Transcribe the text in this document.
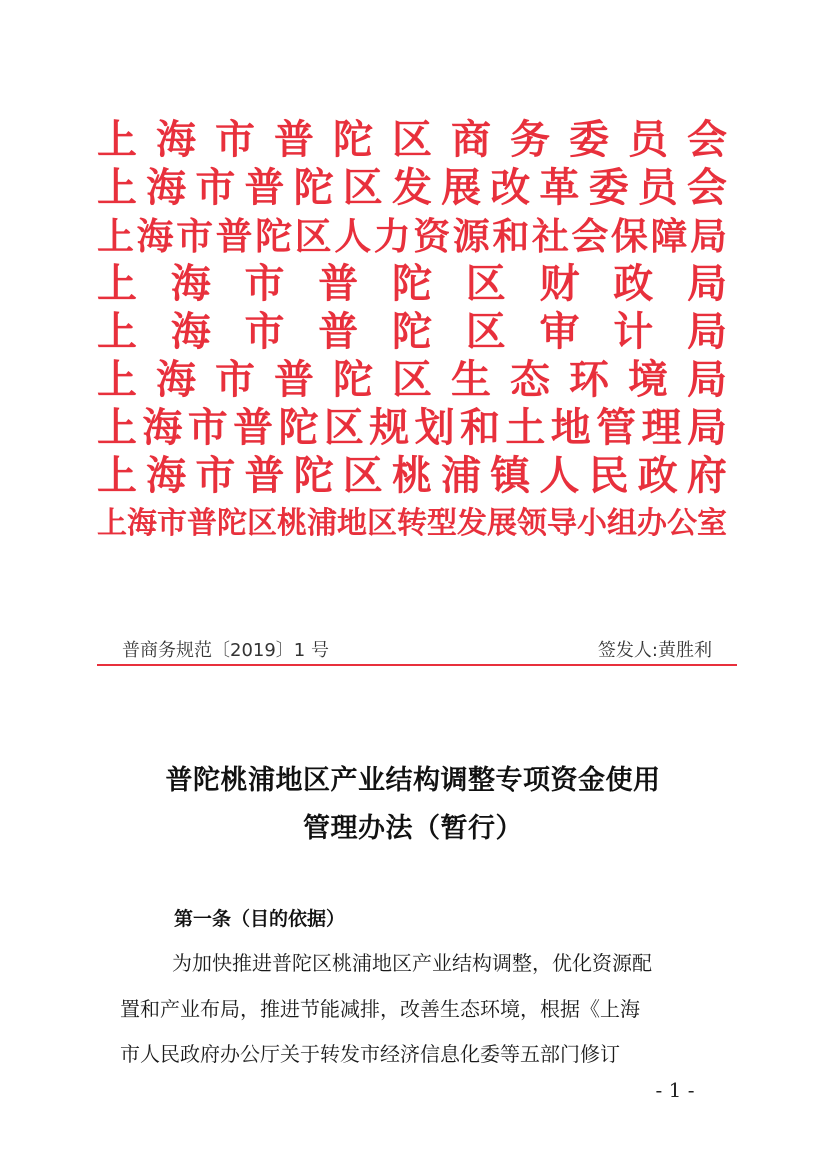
上 海 市 普 陀 区 商 务 委 员 会
上 海 市 普 陀 区 发 展 改 革 委 员 会
上 海 市 普 陀 区 人 力 资 源 和 社 会 保 障 局
上 海 市 普 陀 区 财 政 局
上 海 市 普 陀 区 审 计 局
上 海 市 普 陀 区 生 态 环 境 局
上 海 市 普 陀 区 规 划 和 土 地 管 理 局
上 海 市 普 陀 区 桃 浦 镇 人 民 政 府
上 海 市 普 陀 区 桃 浦 地 区 转 型 发 展 领 导 小 组 办 公 室
普商务规范〔2019〕1 号	签发人:黄胜利
普陀桃浦地区产业结构调整专项资金使用
管理办法（暂行）
第一条（目的依据）
为加快推进普陀区桃浦地区产业结构调整，优化资源配
置和产业布局，推进节能减排，改善生态环境，根据《上海
市人民政府办公厅关于转发市经济信息化委等五部门修订
- 1 -
